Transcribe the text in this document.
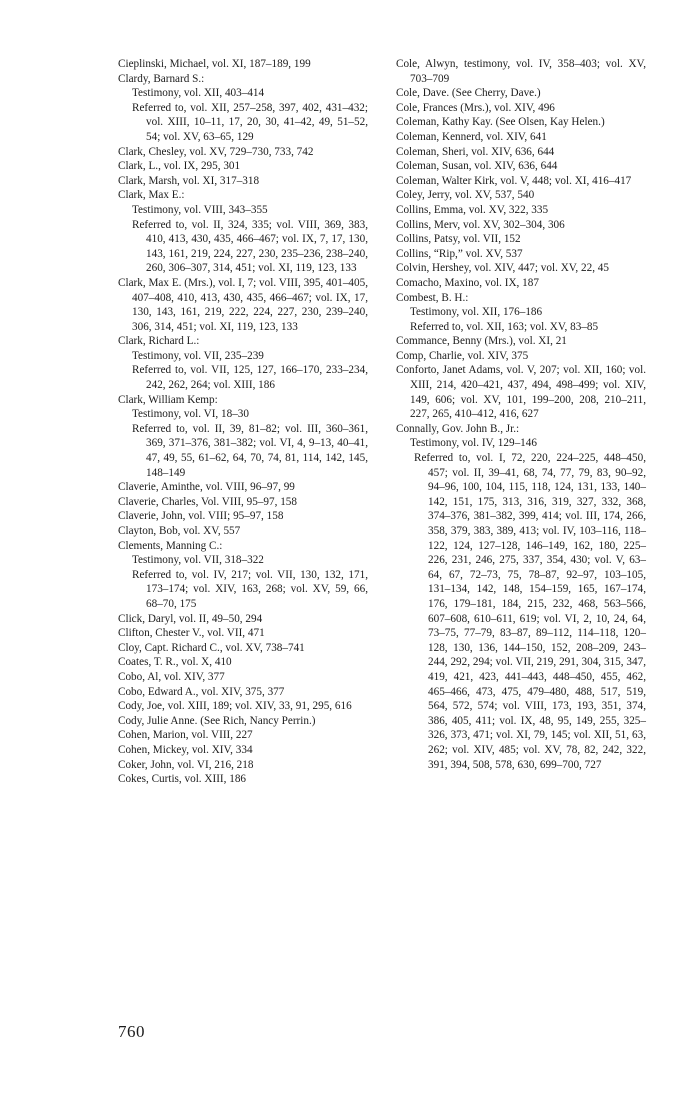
Cieplinski, Michael, vol. XI, 187–189, 199
Clardy, Barnard S.:
Testimony, vol. XII, 403–414
Referred to, vol. XII, 257–258, 397, 402, 431–432; vol. XIII, 10–11, 17, 20, 30, 41–42, 49, 51–52, 54; vol. XV, 63–65, 129
Clark, Chesley, vol. XV, 729–730, 733, 742
Clark, L., vol. IX, 295, 301
Clark, Marsh, vol. XI, 317–318
Clark, Max E.:
Testimony, vol. VIII, 343–355
Referred to, vol. II, 324, 335; vol. VIII, 369, 383, 410, 413, 430, 435, 466–467; vol. IX, 7, 17, 130, 143, 161, 219, 224, 227, 230, 235–236, 238–240, 260, 306–307, 314, 451; vol. XI, 119, 123, 133
Clark, Max E. (Mrs.), vol. I, 7; vol. VIII, 395, 401–405, 407–408, 410, 413, 430, 435, 466–467; vol. IX, 17, 130, 143, 161, 219, 222, 224, 227, 230, 239–240, 306, 314, 451; vol. XI, 119, 123, 133
Clark, Richard L.:
Testimony, vol. VII, 235–239
Referred to, vol. VII, 125, 127, 166–170, 233–234, 242, 262, 264; vol. XIII, 186
Clark, William Kemp:
Testimony, vol. VI, 18–30
Referred to, vol. II, 39, 81–82; vol. III, 360–361, 369, 371–376, 381–382; vol. VI, 4, 9–13, 40–41, 47, 49, 55, 61–62, 64, 70, 74, 81, 114, 142, 145, 148–149
Claverie, Aminthe, vol. VIII, 96–97, 99
Claverie, Charles, Vol. VIII, 95–97, 158
Claverie, John, vol. VIII; 95–97, 158
Clayton, Bob, vol. XV, 557
Clements, Manning C.:
Testimony, vol. VII, 318–322
Referred to, vol. IV, 217; vol. VII, 130, 132, 171, 173–174; vol. XIV, 163, 268; vol. XV, 59, 66, 68–70, 175
Click, Daryl, vol. II, 49–50, 294
Clifton, Chester V., vol. VII, 471
Cloy, Capt. Richard C., vol. XV, 738–741
Coates, T. R., vol. X, 410
Cobo, Al, vol. XIV, 377
Cobo, Edward A., vol. XIV, 375, 377
Cody, Joe, vol. XIII, 189; vol. XIV, 33, 91, 295, 616
Cody, Julie Anne. (See Rich, Nancy Perrin.)
Cohen, Marion, vol. VIII, 227
Cohen, Mickey, vol. XIV, 334
Coker, John, vol. VI, 216, 218
Cokes, Curtis, vol. XIII, 186
Cole, Alwyn, testimony, vol. IV, 358–403; vol. XV, 703–709
Cole, Dave. (See Cherry, Dave.)
Cole, Frances (Mrs.), vol. XIV, 496
Coleman, Kathy Kay. (See Olsen, Kay Helen.)
Coleman, Kennerd, vol. XIV, 641
Coleman, Sheri, vol. XIV, 636, 644
Coleman, Susan, vol. XIV, 636, 644
Coleman, Walter Kirk, vol. V, 448; vol. XI, 416–417
Coley, Jerry, vol. XV, 537, 540
Collins, Emma, vol. XV, 322, 335
Collins, Merv, vol. XV, 302–304, 306
Collins, Patsy, vol. VII, 152
Collins, “Rip,” vol. XV, 537
Colvin, Hershey, vol. XIV, 447; vol. XV, 22, 45
Comacho, Maxino, vol. IX, 187
Combest, B. H.:
Testimony, vol. XII, 176–186
Referred to, vol. XII, 163; vol. XV, 83–85
Commance, Benny (Mrs.), vol. XI, 21
Comp, Charlie, vol. XIV, 375
Conforto, Janet Adams, vol. V, 207; vol. XII, 160; vol. XIII, 214, 420–421, 437, 494, 498–499; vol. XIV, 149, 606; vol. XV, 101, 199–200, 208, 210–211, 227, 265, 410–412, 416, 627
Connally, Gov. John B., Jr.:
Testimony, vol. IV, 129–146
Referred to, vol. I, 72, 220, 224–225, 448–450, 457; vol. II, 39–41, 68, 74, 77, 79, 83, 90–92, 94–96, 100, 104, 115, 118, 124, 131, 133, 140–142, 151, 175, 313, 316, 319, 327, 332, 368, 374–376, 381–382, 399, 414; vol. III, 174, 266, 358, 379, 383, 389, 413; vol. IV, 103–116, 118–122, 124, 127–128, 146–149, 162, 180, 225–226, 231, 246, 275, 337, 354, 430; vol. V, 63–64, 67, 72–73, 75, 78–87, 92–97, 103–105, 131–134, 142, 148, 154–159, 165, 167–174, 176, 179–181, 184, 215, 232, 468, 563–566, 607–608, 610–611, 619; vol. VI, 2, 10, 24, 64, 73–75, 77–79, 83–87, 89–112, 114–118, 120–128, 130, 136, 144–150, 152, 208–209, 243–244, 292, 294; vol. VII, 219, 291, 304, 315, 347, 419, 421, 423, 441–443, 448–450, 455, 462, 465–466, 473, 475, 479–480, 488, 517, 519, 564, 572, 574; vol. VIII, 173, 193, 351, 374, 386, 405, 411; vol. IX, 48, 95, 149, 255, 325–326, 373, 471; vol. XI, 79, 145; vol. XII, 51, 63, 262; vol. XIV, 485; vol. XV, 78, 82, 242, 322, 391, 394, 508, 578, 630, 699–700, 727
760
